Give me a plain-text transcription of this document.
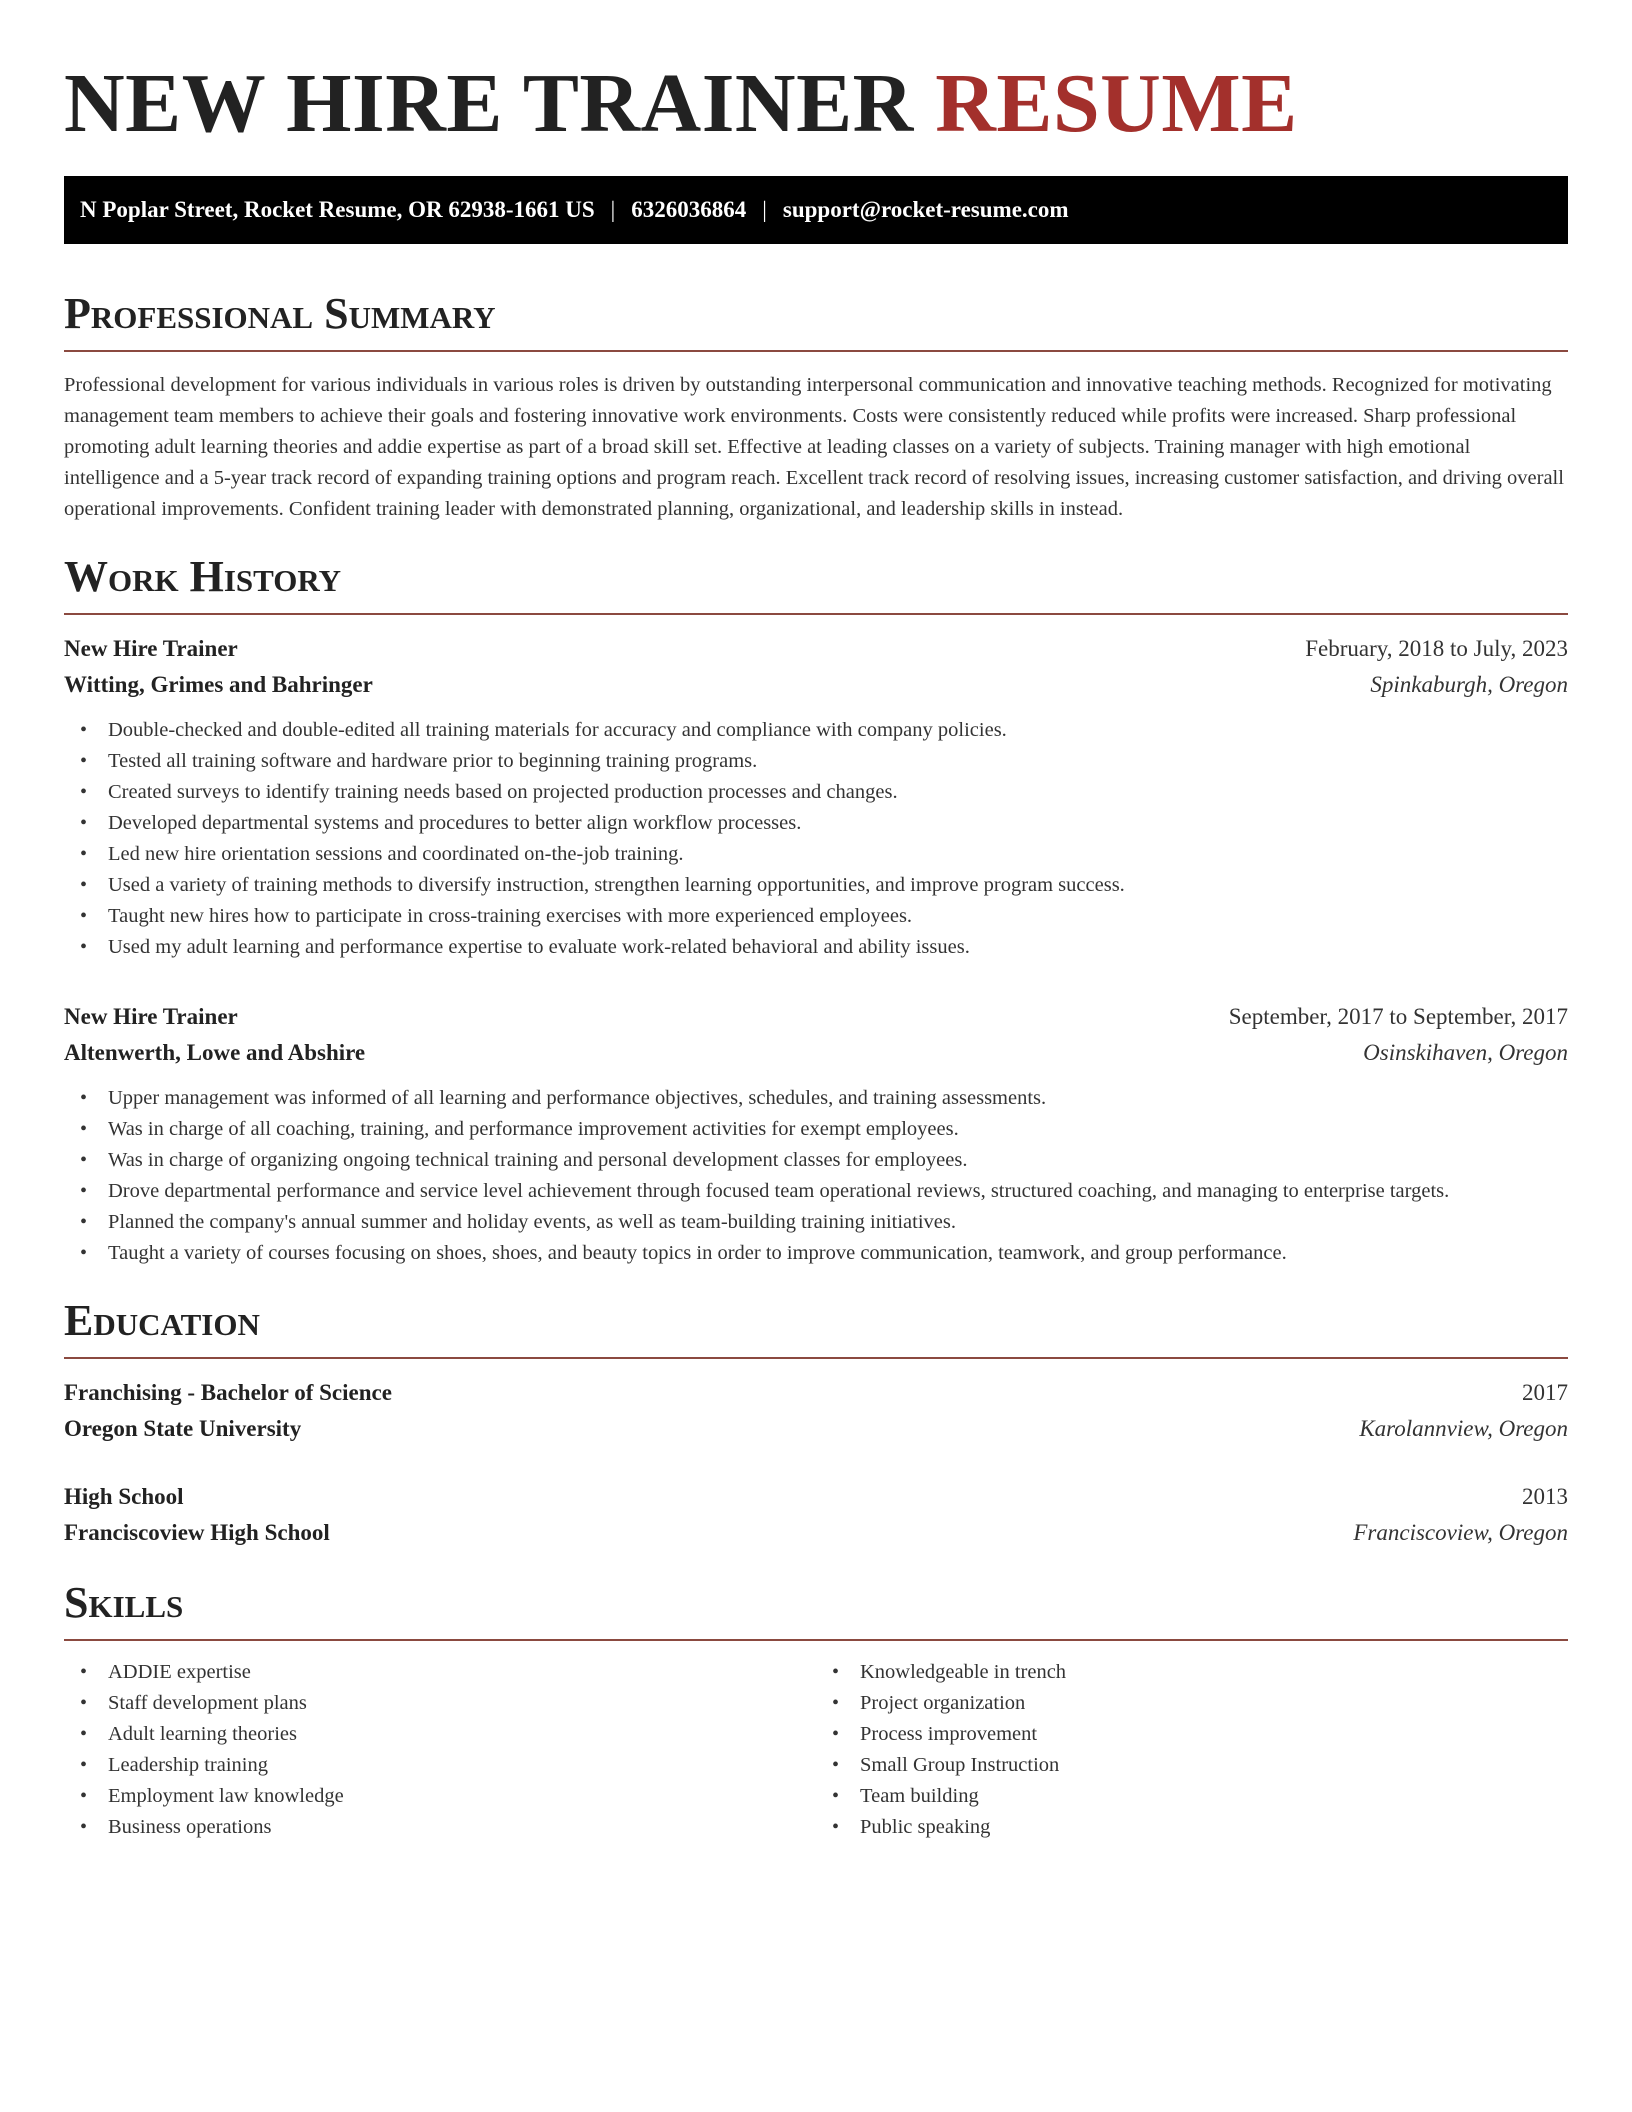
NEW HIRE TRAINER RESUME
N Poplar Street, Rocket Resume, OR 62938-1661 US | 6326036864 | support@rocket-resume.com
Professional Summary

Professional development for various individuals in various roles is driven by outstanding interpersonal communication and innovative teaching methods. Recognized for motivating management team members to achieve their goals and fostering innovative work environments. Costs were consistently reduced while profits were increased. Sharp professional promoting adult learning theories and addie expertise as part of a broad skill set. Effective at leading classes on a variety of subjects. Training manager with high emotional intelligence and a 5-year track record of expanding training options and program reach. Excellent track record of resolving issues, increasing customer satisfaction, and driving overall operational improvements. Confident training leader with demonstrated planning, organizational, and leadership skills in instead.

Work History
New Hire Trainer	February, 2018 to July, 2023
Witting, Grimes and Bahringer	Spinkaburgh, Oregon
• Double-checked and double-edited all training materials for accuracy and compliance with company policies.
• Tested all training software and hardware prior to beginning training programs.
• Created surveys to identify training needs based on projected production processes and changes.
• Developed departmental systems and procedures to better align workflow processes.
• Led new hire orientation sessions and coordinated on-the-job training.
• Used a variety of training methods to diversify instruction, strengthen learning opportunities, and improve program success.
• Taught new hires how to participate in cross-training exercises with more experienced employees.
• Used my adult learning and performance expertise to evaluate work-related behavioral and ability issues.
New Hire Trainer	September, 2017 to September, 2017
Altenwerth, Lowe and Abshire	Osinskihaven, Oregon
• Upper management was informed of all learning and performance objectives, schedules, and training assessments.
• Was in charge of all coaching, training, and performance improvement activities for exempt employees.
• Was in charge of organizing ongoing technical training and personal development classes for employees.
• Drove departmental performance and service level achievement through focused team operational reviews, structured coaching, and managing to enterprise targets.
• Planned the company's annual summer and holiday events, as well as team-building training initiatives.
• Taught a variety of courses focusing on shoes, shoes, and beauty topics in order to improve communication, teamwork, and group performance.
Education
Franchising - Bachelor of Science	2017
Oregon State University	Karolannview, Oregon
High School	2013
Franciscoview High School	Franciscoview, Oregon
Skills
• ADDIE expertise
• Staff development plans
• Adult learning theories
• Leadership training
• Employment law knowledge
• Business operations
• Knowledgeable in trench
• Project organization
• Process improvement
• Small Group Instruction
• Team building
• Public speaking
